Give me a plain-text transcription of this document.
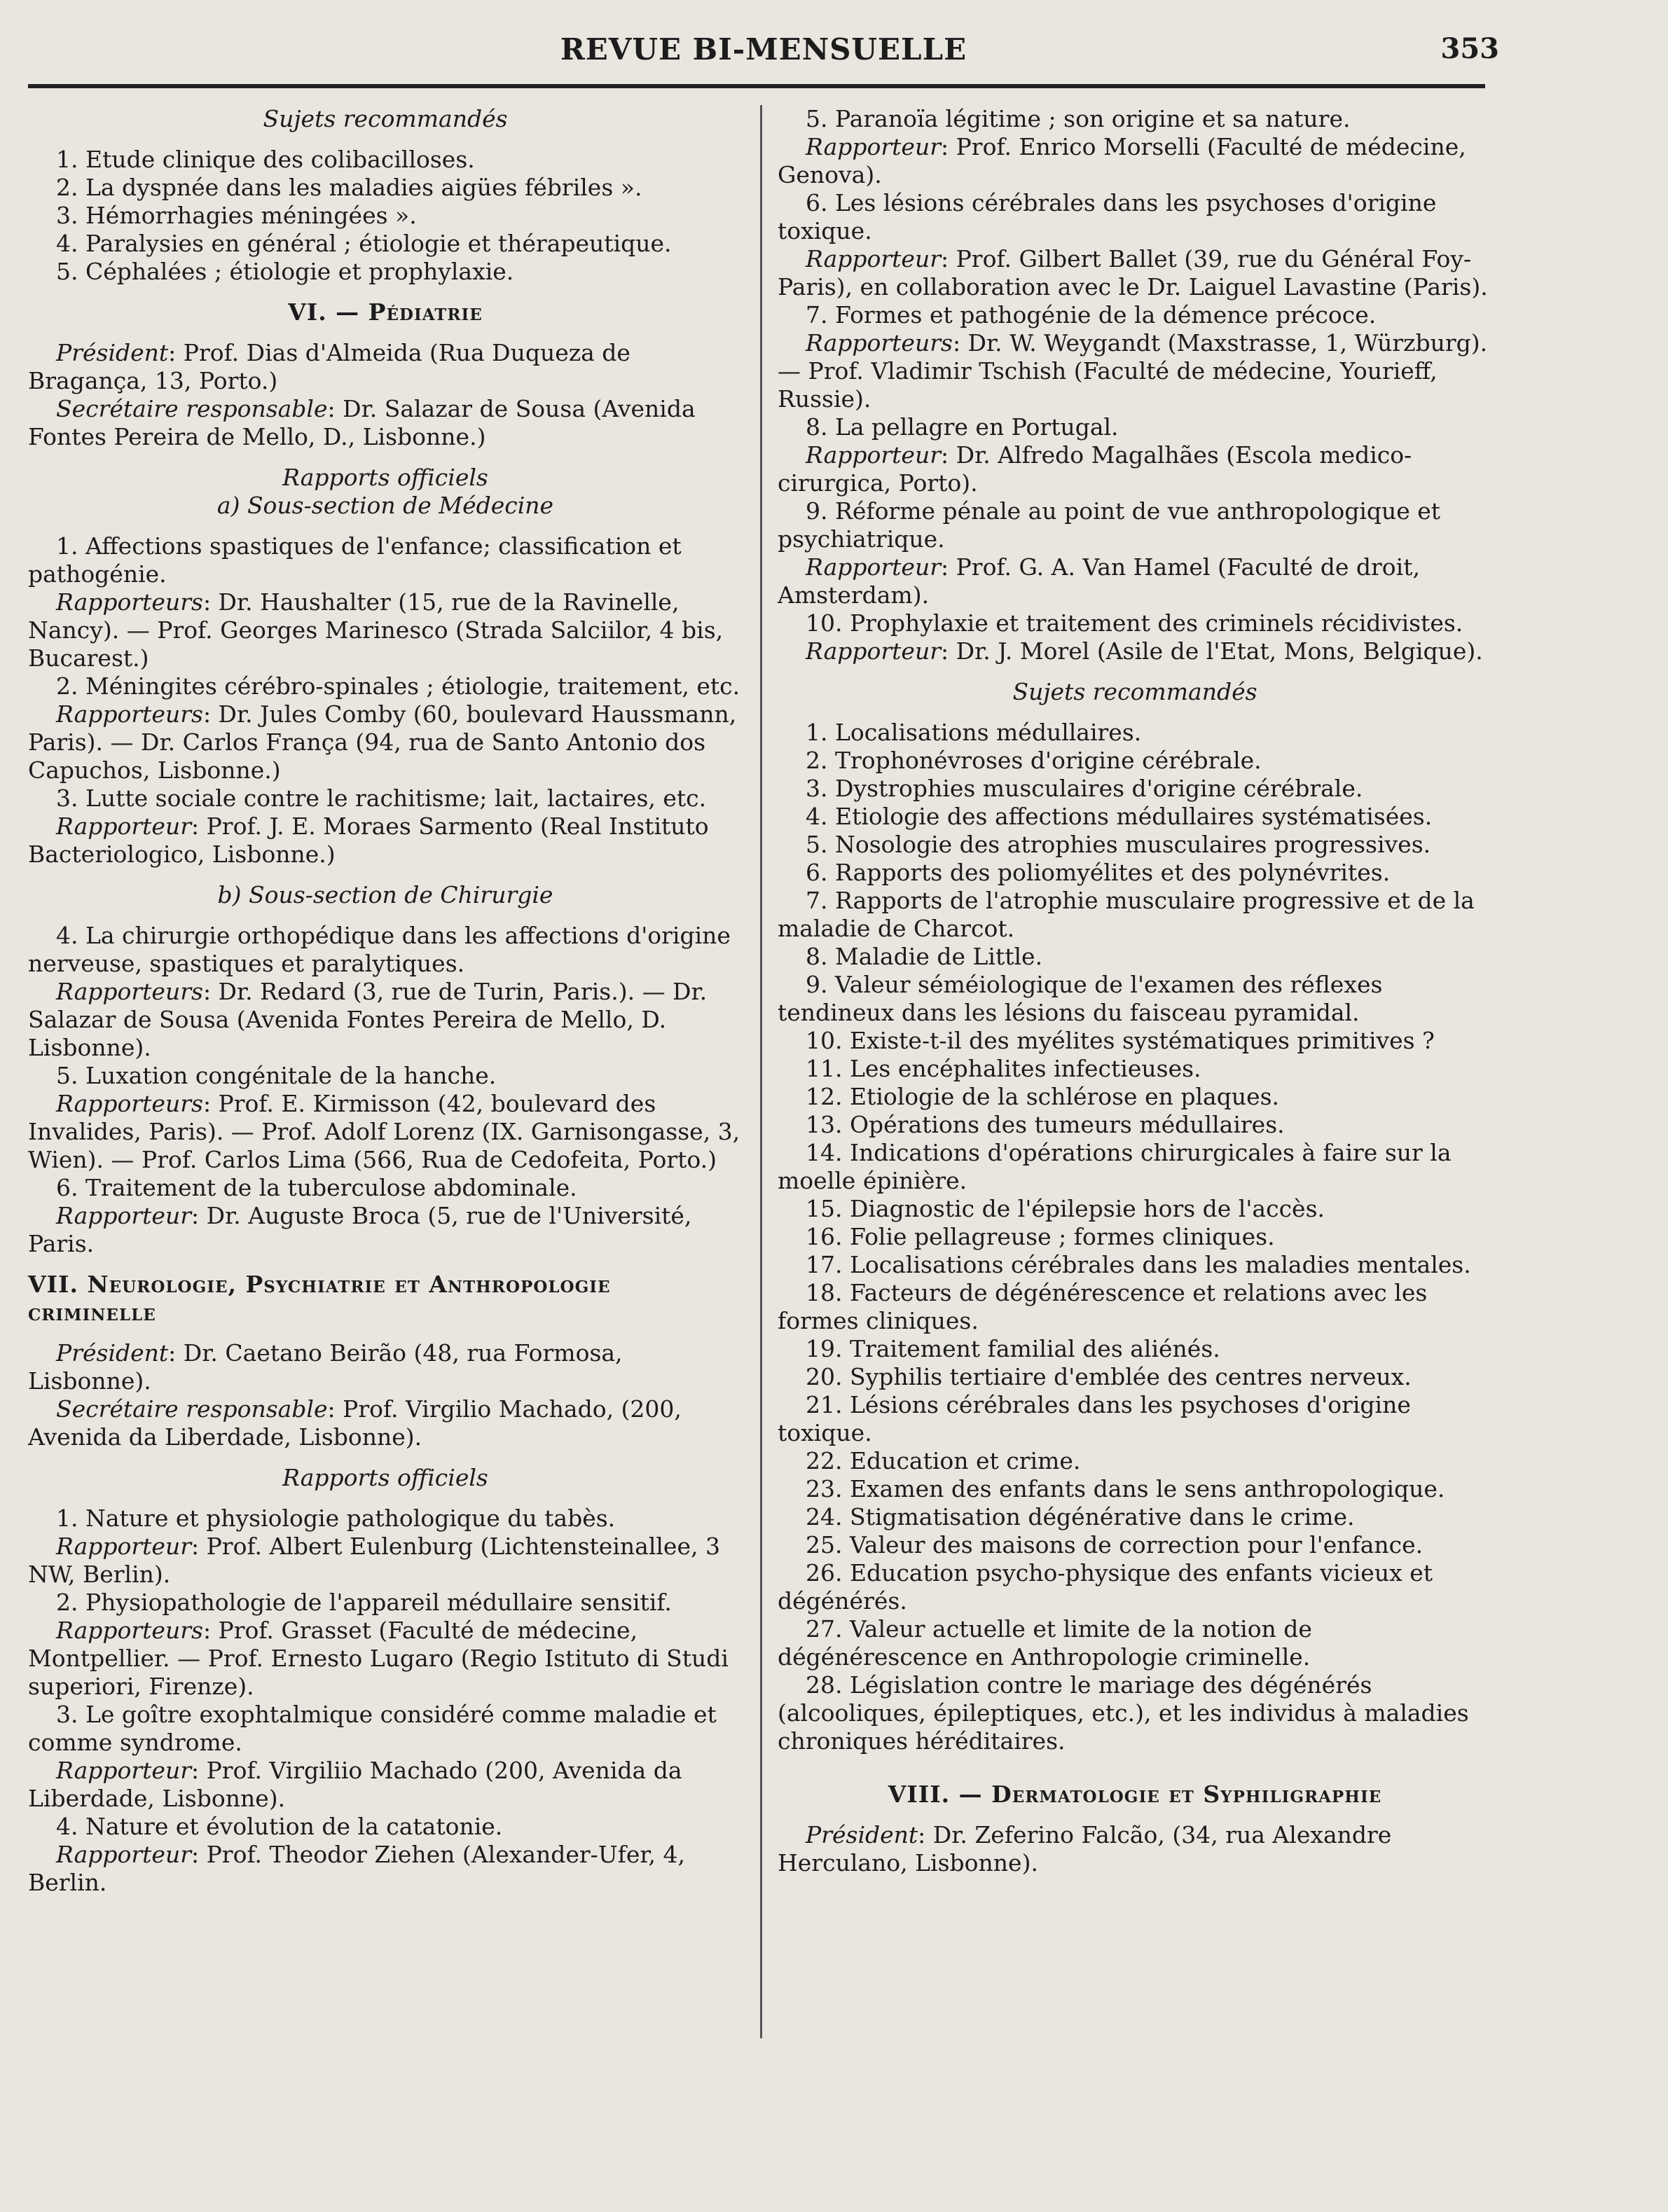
REVUE BI-MENSUELLE	353

Sujets recommandés

1. Etude clinique des colibacilloses.

2. La dyspnée dans les maladies aigües fébriles ».

3. Hémorrhagies méningées ».

4. Paralysies en général ; étiologie et thérapeutique.

5. Céphalées ; étiologie et prophylaxie.

VI. — Pédiatrie

Président: Prof. Dias d'Almeida (Rua Duqueza de Bragança, 13, Porto.)

Secrétaire responsable: Dr. Salazar de Sousa (Avenida Fontes Pereira de Mello, D., Lisbonne.)

Rapports officiels

a) Sous-section de Médecine

1. Affections spastiques de l'enfance; classification et pathogénie.

Rapporteurs: Dr. Haushalter (15, rue de la Ravinelle, Nancy). — Prof. Georges Marinesco (Strada Salciilor, 4 bis, Bucarest.)

2. Méningites cérébro-spinales ; étiologie, traitement, etc.

Rapporteurs: Dr. Jules Comby (60, boulevard Haussmann, Paris). — Dr. Carlos França (94, rua de Santo Antonio dos Capuchos, Lisbonne.)

3. Lutte sociale contre le rachitisme; lait, lactaires, etc.

Rapporteur: Prof. J. E. Moraes Sarmento (Real Instituto Bacteriologico, Lisbonne.)

b) Sous-section de Chirurgie

4. La chirurgie orthopédique dans les affections d'origine nerveuse, spastiques et paralytiques.

Rapporteurs: Dr. Redard (3, rue de Turin, Paris.). — Dr. Salazar de Sousa (Avenida Fontes Pereira de Mello, D. Lisbonne).

5. Luxation congénitale de la hanche.

Rapporteurs: Prof. E. Kirmisson (42, boulevard des Invalides, Paris). — Prof. Adolf Lorenz (IX. Garnisongasse, 3, Wien). — Prof. Carlos Lima (566, Rua de Cedofeita, Porto.)

6. Traitement de la tuberculose abdominale.

Rapporteur: Dr. Auguste Broca (5, rue de l'Université, Paris.

VII. Neurologie, Psychiatrie et Anthropologie criminelle

Président: Dr. Caetano Beirão (48, rua Formosa, Lisbonne).

Secrétaire responsable: Prof. Virgilio Machado, (200, Avenida da Liberdade, Lisbonne).

Rapports officiels

1. Nature et physiologie pathologique du tabès.

Rapporteur: Prof. Albert Eulenburg (Lichtensteinallee, 3 NW, Berlin).

2. Physiopathologie de l'appareil médullaire sensitif.

Rapporteurs: Prof. Grasset (Faculté de médecine, Montpellier. — Prof. Ernesto Lugaro (Regio Istituto di Studi superiori, Firenze).

3. Le goître exophtalmique considéré comme maladie et comme syndrome.

Rapporteur: Prof. Virgiliio Machado (200, Avenida da Liberdade, Lisbonne).

4. Nature et évolution de la catatonie.

Rapporteur: Prof. Theodor Ziehen (Alexander-Ufer, 4, Berlin.

5. Paranoïa légitime ; son origine et sa nature.

Rapporteur: Prof. Enrico Morselli (Faculté de médecine, Genova).

6. Les lésions cérébrales dans les psychoses d'origine toxique.

Rapporteur: Prof. Gilbert Ballet (39, rue du Général Foy-Paris), en collaboration avec le Dr. Laiguel Lavastine (Paris).

7. Formes et pathogénie de la démence précoce.

Rapporteurs: Dr. W. Weygandt (Maxstrasse, 1, Würzburg). — Prof. Vladimir Tschish (Faculté de médecine, Yourieff, Russie).

8. La pellagre en Portugal.

Rapporteur: Dr. Alfredo Magalhães (Escola medico-cirurgica, Porto).

9. Réforme pénale au point de vue anthropologique et psychiatrique.

Rapporteur: Prof. G. A. Van Hamel (Faculté de droit, Amsterdam).

10. Prophylaxie et traitement des criminels récidivistes.

Rapporteur: Dr. J. Morel (Asile de l'Etat, Mons, Belgique).

Sujets recommandés

1. Localisations médullaires.

2. Trophonévroses d'origine cérébrale.

3. Dystrophies musculaires d'origine cérébrale.

4. Etiologie des affections médullaires systématisées.

5. Nosologie des atrophies musculaires progressives.

6. Rapports des poliomyélites et des polynévrites.

7. Rapports de l'atrophie musculaire progressive et de la maladie de Charcot.

8. Maladie de Little.

9. Valeur séméiologique de l'examen des réflexes tendineux dans les lésions du faisceau pyramidal.

10. Existe-t-il des myélites systématiques primitives ?

11. Les encéphalites infectieuses.

12. Etiologie de la schlérose en plaques.

13. Opérations des tumeurs médullaires.

14. Indications d'opérations chirurgicales à faire sur la moelle épinière.

15. Diagnostic de l'épilepsie hors de l'accès.

16. Folie pellagreuse ; formes cliniques.

17. Localisations cérébrales dans les maladies mentales.

18. Facteurs de dégénérescence et relations avec les formes cliniques.

19. Traitement familial des aliénés.

20. Syphilis tertiaire d'emblée des centres nerveux.

21. Lésions cérébrales dans les psychoses d'origine toxique.

22. Education et crime.

23. Examen des enfants dans le sens anthropologique.

24. Stigmatisation dégénérative dans le crime.

25. Valeur des maisons de correction pour l'enfance.

26. Education psycho-physique des enfants vicieux et dégénérés.

27. Valeur actuelle et limite de la notion de dégénérescence en Anthropologie criminelle.

28. Législation contre le mariage des dégénérés (alcooliques, épileptiques, etc.), et les individus à maladies chroniques héréditaires.

VIII. — Dermatologie et Syphiligraphie

Président: Dr. Zeferino Falcão, (34, rua Alexandre Herculano, Lisbonne).
